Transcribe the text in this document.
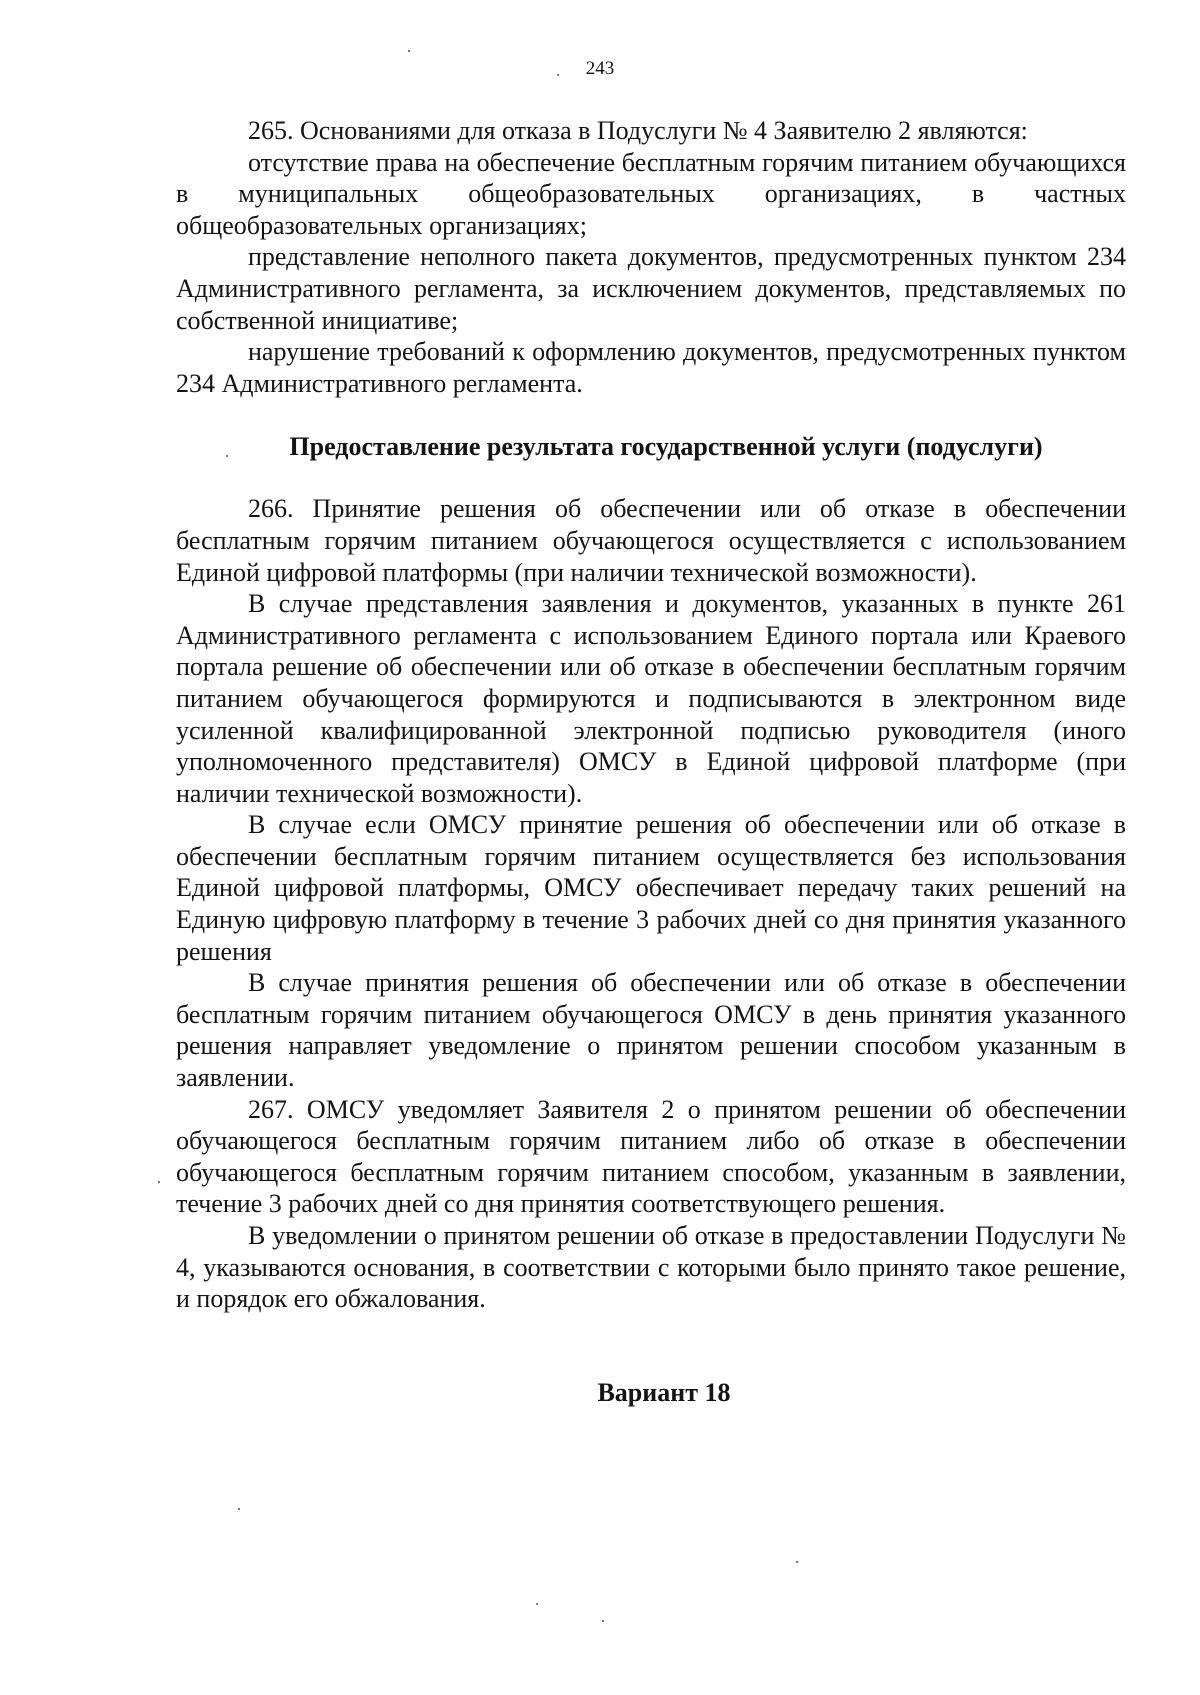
243

265. Основаниями для отказа в Подуслуги № 4 Заявителю 2 являются:

отсутствие права на обеспечение бесплатным горячим питанием обучающихся в муниципальных общеобразовательных организациях, в частных общеобразовательных организациях;

представление неполного пакета документов, предусмотренных пунктом 234 Административного регламента, за исключением документов, представляемых по собственной инициативе;

нарушение требований к оформлению документов, предусмотренных пунктом 234 Административного регламента.

Предоставление результата государственной услуги (подуслуги)

266. Принятие решения об обеспечении или об отказе в обеспечении бесплатным горячим питанием обучающегося осуществляется с использованием Единой цифровой платформы (при наличии технической возможности).

В случае представления заявления и документов, указанных в пункте 261 Административного регламента с использованием Единого портала или Краевого портала решение об обеспечении или об отказе в обеспечении бесплатным горячим питанием обучающегося формируются и подписываются в электронном виде усиленной квалифицированной электронной подписью руководителя (иного уполномоченного представителя) ОМСУ в Единой цифровой платформе (при наличии технической возможности).

В случае если ОМСУ принятие решения об обеспечении или об отказе в обеспечении бесплатным горячим питанием осуществляется без использования Единой цифровой платформы, ОМСУ обеспечивает передачу таких решений на Единую цифровую платформу в течение 3 рабочих дней со дня принятия указанного решения

В случае принятия решения об обеспечении или об отказе в обеспечении бесплатным горячим питанием обучающегося ОМСУ в день принятия указанного решения направляет уведомление о принятом решении способом указанным в заявлении.

267. ОМСУ уведомляет Заявителя 2 о принятом решении об обеспечении обучающегося бесплатным горячим питанием либо об отказе в обеспечении обучающегося бесплатным горячим питанием способом, указанным в заявлении, течение 3 рабочих дней со дня принятия соответствующего решения.

В уведомлении о принятом решении об отказе в предоставлении Подуслуги № 4, указываются основания, в соответствии с которыми было принято такое решение, и порядок его обжалования.

Вариант 18
